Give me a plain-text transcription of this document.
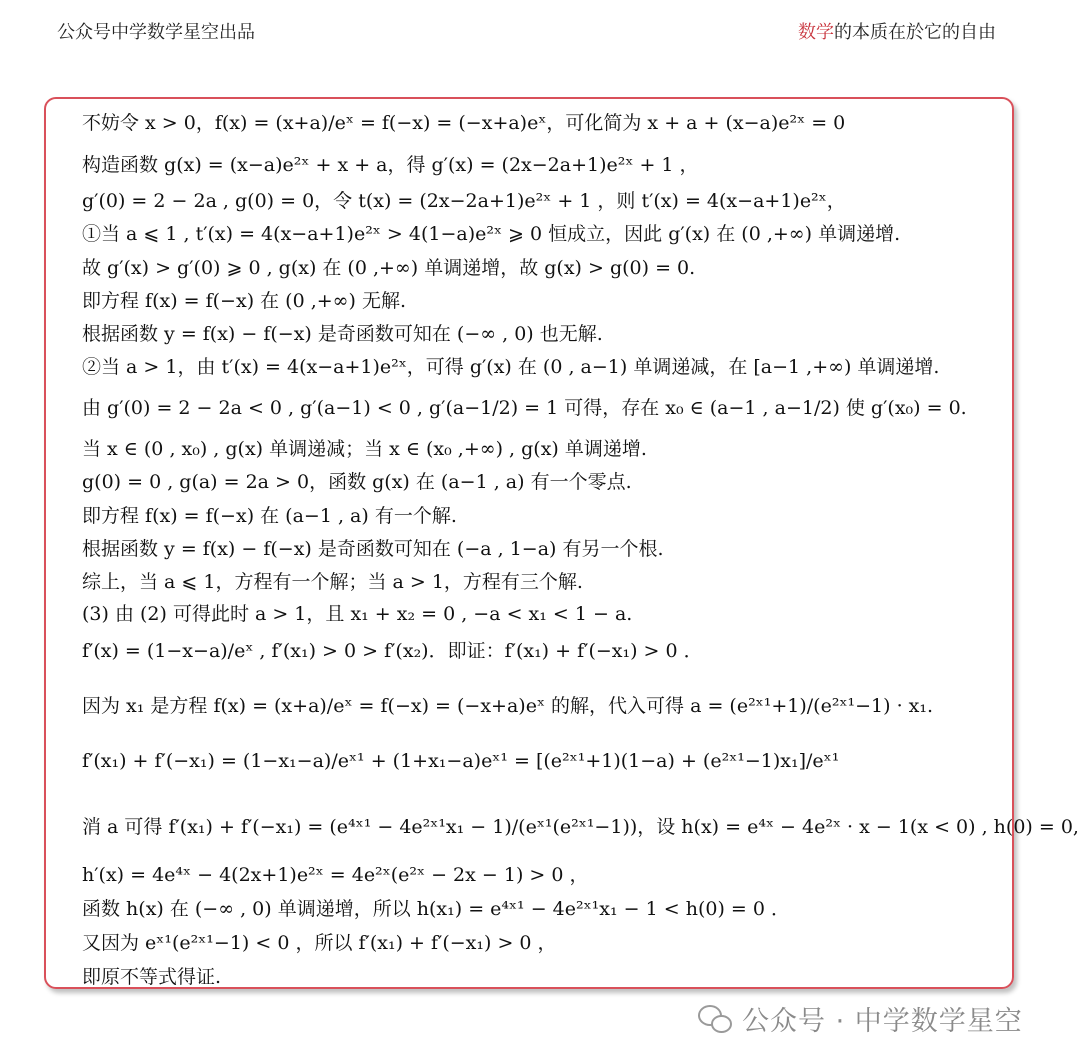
公众号中学数学星空出品	数学的本质在於它的自由
不妨令 x > 0，f(x) = (x+a)/eˣ = f(−x) = (−x+a)eˣ，可化简为 x + a + (x−a)e²ˣ = 0
构造函数 g(x) = (x−a)e²ˣ + x + a，得 g′(x) = (2x−2a+1)e²ˣ + 1 ，
g′(0) = 2 − 2a , g(0) = 0，令 t(x) = (2x−2a+1)e²ˣ + 1 ，则 t′(x) = 4(x−a+1)e²ˣ，
①当 a ⩽ 1 , t′(x) = 4(x−a+1)e²ˣ > 4(1−a)e²ˣ ⩾ 0 恒成立，因此 g′(x) 在 (0 ,+∞) 单调递增.
故 g′(x) > g′(0) ⩾ 0 , g(x) 在 (0 ,+∞) 单调递增，故 g(x) > g(0) = 0.
即方程 f(x) = f(−x) 在 (0 ,+∞) 无解.
根据函数 y = f(x) − f(−x) 是奇函数可知在 (−∞ , 0) 也无解.
②当 a > 1，由 t′(x) = 4(x−a+1)e²ˣ，可得 g′(x) 在 (0 , a−1) 单调递减，在 [a−1 ,+∞) 单调递增.
由 g′(0) = 2 − 2a < 0 , g′(a−1) < 0 , g′(a−1/2) = 1 可得，存在 x₀ ∈ (a−1 , a−1/2) 使 g′(x₀) = 0.
当 x ∈ (0 , x₀) , g(x) 单调递减；当 x ∈ (x₀ ,+∞) , g(x) 单调递增.
g(0) = 0 , g(a) = 2a > 0，函数 g(x) 在 (a−1 , a) 有一个零点.
即方程 f(x) = f(−x) 在 (a−1 , a) 有一个解.
根据函数 y = f(x) − f(−x) 是奇函数可知在 (−a , 1−a) 有另一个根.
综上，当 a ⩽ 1，方程有一个解；当 a > 1，方程有三个解.
(3) 由 (2) 可得此时 a > 1，且 x₁ + x₂ = 0 , −a < x₁ < 1 − a.
f′(x) = (1−x−a)/eˣ , f′(x₁) > 0 > f′(x₂)．即证：f′(x₁) + f′(−x₁) > 0 ．
因为 x₁ 是方程 f(x) = (x+a)/eˣ = f(−x) = (−x+a)eˣ 的解，代入可得 a = (e²ˣ¹+1)/(e²ˣ¹−1) · x₁.
f′(x₁) + f′(−x₁) = (1−x₁−a)/eˣ¹ + (1+x₁−a)eˣ¹ = [(e²ˣ¹+1)(1−a) + (e²ˣ¹−1)x₁]/eˣ¹
消 a 可得 f′(x₁) + f′(−x₁) = (e⁴ˣ¹ − 4e²ˣ¹x₁ − 1)/(eˣ¹(e²ˣ¹−1))，设 h(x) = e⁴ˣ − 4e²ˣ · x − 1(x < 0) , h(0) = 0,
h′(x) = 4e⁴ˣ − 4(2x+1)e²ˣ = 4e²ˣ(e²ˣ − 2x − 1) > 0 ，
函数 h(x) 在 (−∞ , 0) 单调递增，所以 h(x₁) = e⁴ˣ¹ − 4e²ˣ¹x₁ − 1 < h(0) = 0 ．
又因为 eˣ¹(e²ˣ¹−1) < 0 ，所以 f′(x₁) + f′(−x₁) > 0 ，
即原不等式得证.
公众号 · 中学数学星空
